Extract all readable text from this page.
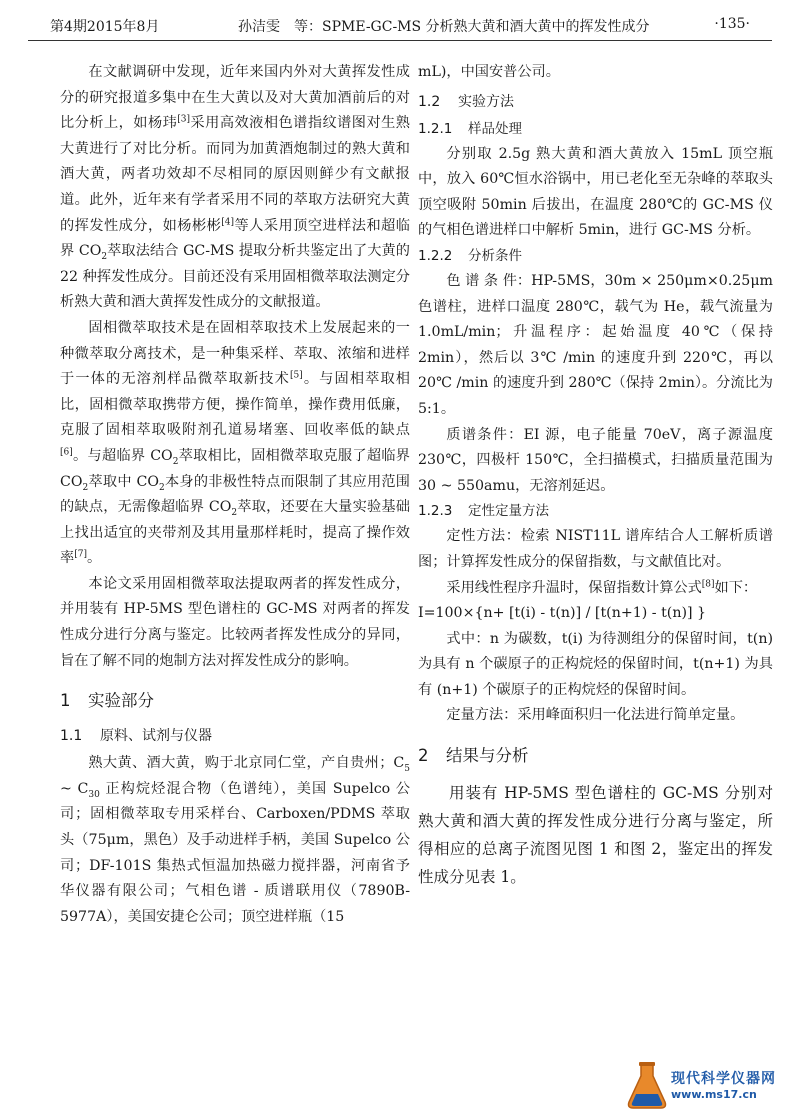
第4期2015年8月	孙洁雯　等：SPME-GC-MS 分析熟大黄和酒大黄中的挥发性成分	·135·

在文献调研中发现，近年来国内外对大黄挥发性成分的研究报道多集中在生大黄以及对大黄加酒前后的对比分析上，如杨玮[3]采用高效液相色谱指纹谱图对生熟大黄进行了对比分析。而同为加黄酒炮制过的熟大黄和酒大黄，两者功效却不尽相同的原因则鲜少有文献报道。此外，近年来有学者采用不同的萃取方法研究大黄的挥发性成分，如杨彬彬[4]等人采用顶空进样法和超临界 $CO_2$萃取法结合 GC-MS 提取分析共鉴定出了大黄的 22 种挥发性成分。目前还没有采用固相微萃取法测定分析熟大黄和酒大黄挥发性成分的文献报道。

固相微萃取技术是在固相萃取技术上发展起来的一种微萃取分离技术，是一种集采样、萃取、浓缩和进样于一体的无溶剂样品微萃取新技术[5]。与固相萃取相比，固相微萃取携带方便，操作简单，操作费用低廉，克服了固相萃取吸附剂孔道易堵塞、回收率低的缺点[6]。与超临界 $CO_2$萃取相比，固相微萃取克服了超临界 $CO_2$萃取中 $CO_2$本身的非极性特点而限制了其应用范围的缺点，无需像超临界 $CO_2$萃取，还要在大量实验基础上找出适宜的夹带剂及其用量那样耗时，提高了操作效率[7]。

本论文采用固相微萃取法提取两者的挥发性成分，并用装有 HP-5MS 型色谱柱的 GC-MS 对两者的挥发性成分进行分离与鉴定。比较两者挥发性成分的异同，旨在了解不同的炮制方法对挥发性成分的影响。

1 实验部分
1.1 原料、试剂与仪器

熟大黄、酒大黄，购于北京同仁堂，产自贵州；$C_5$ ~ $C_{30}$ 正构烷烃混合物（色谱纯），美国 Supelco 公司；固相微萃取专用采样台、Carboxen/PDMS 萃取头（75μm，黑色）及手动进样手柄，美国 Supelco 公司；DF-101S 集热式恒温加热磁力搅拌器，河南省予华仪器有限公司；气相色谱 - 质谱联用仪（7890B-5977A），美国安捷仑公司；顶空进样瓶（15

mL)，中国安普公司。

1.2 实验方法
1.2.1 样品处理

分别取 2.5g 熟大黄和酒大黄放入 15mL 顶空瓶中，放入 60℃恒水浴锅中，用已老化至无杂峰的萃取头顶空吸附 50min 后拔出，在温度 280℃的 GC-MS 仪的气相色谱进样口中解析 5min，进行 GC-MS 分析。

1.2.2 分析条件

色 谱 条 件：HP-5MS，30m × 250μm×0.25μm 色谱柱，进样口温度 280℃，载气为 He，载气流量为 1.0mL/min；升温程序：起始温度 40℃（保持 2min），然后以 3℃ /min 的速度升到 220℃，再以 20℃ /min 的速度升到 280℃（保持 2min）。分流比为 5:1。

质谱条件：EI 源，电子能量 70eV，离子源温度 230℃，四极杆 150℃，全扫描模式，扫描质量范围为 30 ~ 550amu，无溶剂延迟。

1.2.3 定性定量方法

定性方法：检索 NIST11L 谱库结合人工解析质谱图；计算挥发性成分的保留指数，与文献值比对。

采用线性程序升温时，保留指数计算公式[8]如下：

I=100×{n+ [t(i) - t(n)] / [t(n+1) - t(n)] }

式中：n 为碳数，t(i) 为待测组分的保留时间，t(n) 为具有 n 个碳原子的正构烷烃的保留时间，t(n+1) 为具有 (n+1) 个碳原子的正构烷烃的保留时间。

定量方法：采用峰面积归一化法进行简单定量。

2 结果与分析

用装有 HP-5MS 型色谱柱的 GC-MS 分别对熟大黄和酒大黄的挥发性成分进行分离与鉴定，所得相应的总离子流图见图 1 和图 2，鉴定出的挥发性成分见表 1。

现代科学仪器网
www.ms17.cn
